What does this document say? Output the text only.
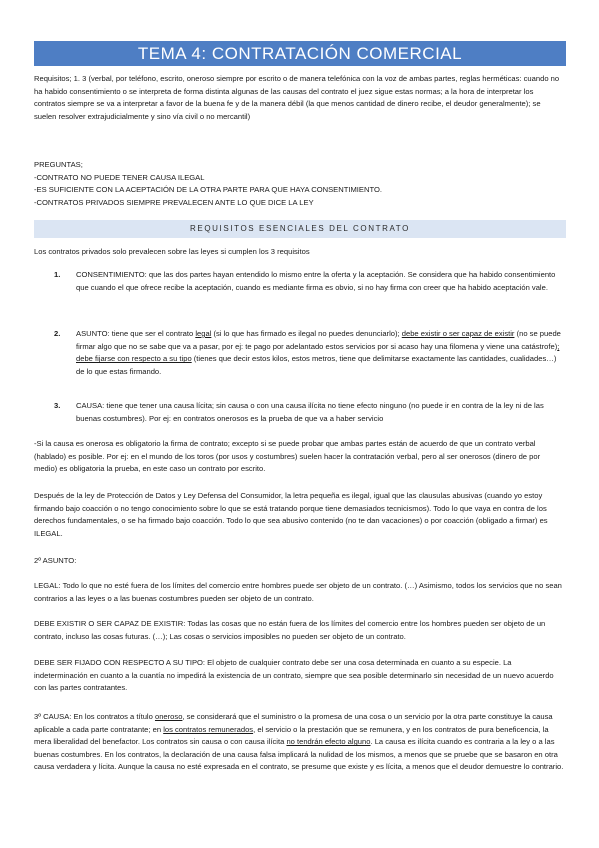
TEMA 4: CONTRATACIÓN COMERCIAL

Requisitos; 1. 3 (verbal, por teléfono, escrito, oneroso siempre por escrito o de manera telefónica con la voz de ambas partes, reglas herméticas: cuando no ha habido consentimiento o se interpreta de forma distinta algunas de las causas del contrato el juez sigue estas normas; a la hora de interpretar los contratos siempre se va a interpretar a favor de la buena fe y de la manera débil (la que menos cantidad de dinero recibe, el deudor generalmente); se suelen resolver extrajudicialmente y sino vía civil o no mercantil)

PREGUNTAS;

-CONTRATO NO PUEDE TENER CAUSA ILEGAL

-ES SUFICIENTE CON LA ACEPTACIÓN DE LA OTRA PARTE PARA QUE HAYA CONSENTIMIENTO.

-CONTRATOS PRIVADOS SIEMPRE PREVALECEN ANTE LO QUE DICE LA LEY

REQUISITOS ESENCIALES DEL CONTRATO

Los contratos privados solo prevalecen sobre las leyes si cumplen los 3 requisitos

1. CONSENTIMIENTO: que las dos partes hayan entendido lo mismo entre la oferta y la aceptación. Se considera que ha habido consentimiento que cuando el que ofrece recibe la aceptación, cuando es mediante firma es obvio, si no hay firma con creer que ha habido aceptación vale.

2. ASUNTO: tiene que ser el contrato legal (si lo que has firmado es ilegal no puedes denunciarlo); debe existir o ser capaz de existir (no se puede firmar algo que no se sabe que va a pasar, por ej: te pago por adelantado estos servicios por si acaso hay una filomena y viene una catástrofe); debe fijarse con respecto a su tipo (tienes que decir estos kilos, estos metros, tiene que delimitarse exactamente las cantidades, cualidades…) de lo que estas firmando.

3. CAUSA: tiene que tener una causa lícita; sin causa o con una causa ilícita no tiene efecto ninguno (no puede ir en contra de la ley ni de las buenas costumbres). Por ej: en contratos onerosos es la prueba de que va a haber servicio

-Si la causa es onerosa es obligatorio la firma de contrato; excepto si se puede probar que ambas partes están de acuerdo de que un contrato verbal (hablado) es posible. Por ej: en el mundo de los toros (por usos y costumbres) suelen hacer la contratación verbal, pero al ser onerosos (dinero de por medio) es obligatoria la prueba, en este caso un contrato por escrito.

Después de la ley de Protección de Datos y Ley Defensa del Consumidor, la letra pequeña es ilegal, igual que las clausulas abusivas (cuando yo estoy firmando bajo coacción o no tengo conocimiento sobre lo que se está tratando porque tiene demasiados tecnicismos). Todo lo que vaya en contra de los derechos fundamentales, o se ha firmado bajo coacción. Todo lo que sea abusivo contenido (no te dan vacaciones) o por coacción (obligado a firmar) es ILEGAL.

2º ASUNTO:

LEGAL: Todo lo que no esté fuera de los límites del comercio entre hombres puede ser objeto de un contrato. (…) Asimismo, todos los servicios que no sean contrarios a las leyes o a las buenas costumbres pueden ser objeto de un contrato.

DEBE EXISTIR O SER CAPAZ DE EXISTIR: Todas las cosas que no están fuera de los límites del comercio entre los hombres pueden ser objeto de un contrato, incluso las cosas futuras. (…); Las cosas o servicios imposibles no pueden ser objeto de un contrato.

DEBE SER FIJADO CON RESPECTO A SU TIPO: El objeto de cualquier contrato debe ser una cosa determinada en cuanto a su especie. La indeterminación en cuanto a la cuantía no impedirá la existencia de un contrato, siempre que sea posible determinarlo sin necesidad de un nuevo acuerdo con las partes contratantes.

3º CAUSA: En los contratos a título oneroso, se considerará que el suministro o la promesa de una cosa o un servicio por la otra parte constituye la causa aplicable a cada parte contratante; en los contratos remunerados, el servicio o la prestación que se remunera, y en los contratos de pura beneficencia, la mera liberalidad del benefactor. Los contratos sin causa o con causa ilícita no tendrán efecto alguno. La causa es ilícita cuando es contraria a la ley o a las buenas costumbres. En los contratos, la declaración de una causa falsa implicará la nulidad de los mismos, a menos que se pruebe que se basaron en otra causa verdadera y lícita. Aunque la causa no esté expresada en el contrato, se presume que existe y es lícita, a menos que el deudor demuestre lo contrario.
